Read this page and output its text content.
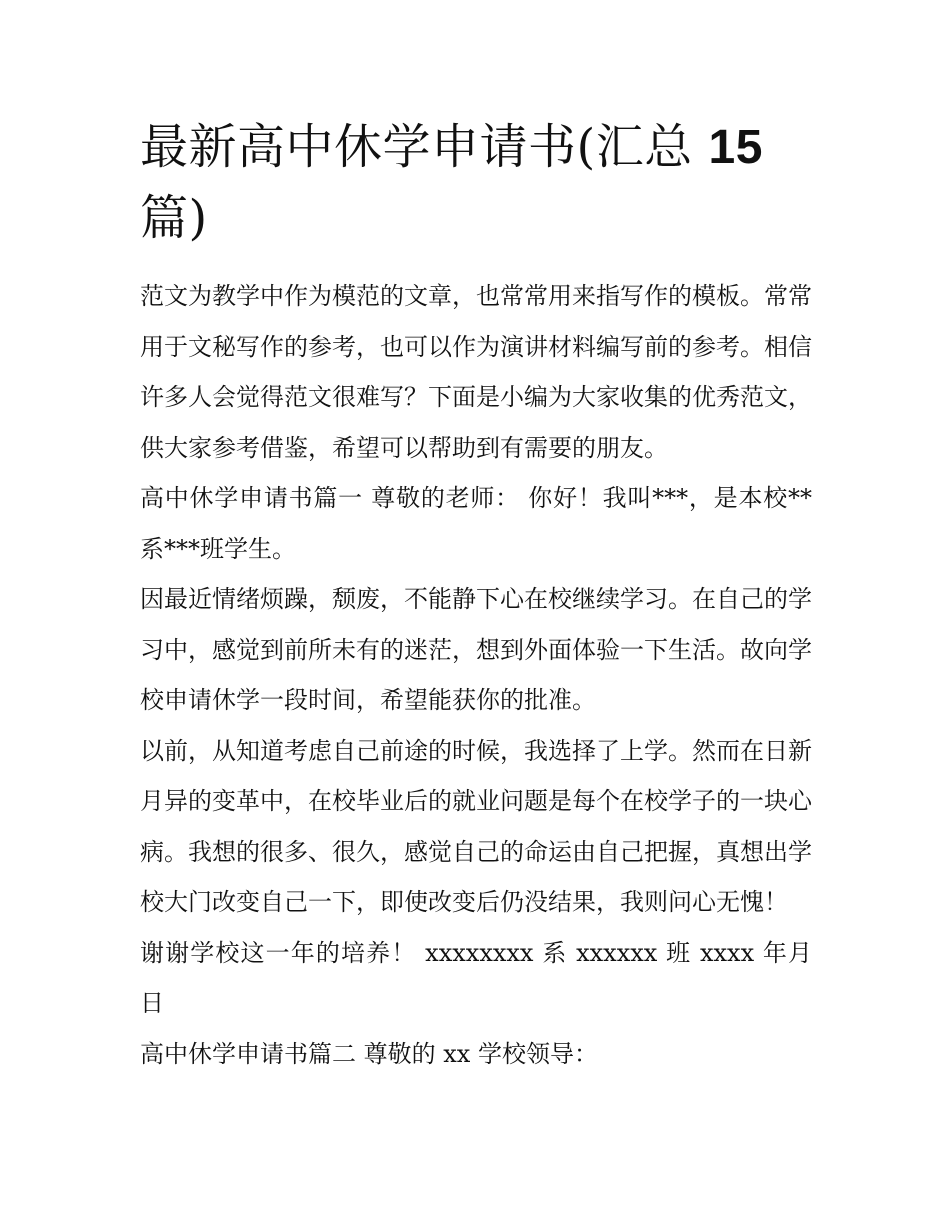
最新高中休学申请书(汇总 15 篇)

范文为教学中作为模范的文章，也常常用来指写作的模板。常常用于文秘写作的参考，也可以作为演讲材料编写前的参考。相信许多人会觉得范文很难写？下面是小编为大家收集的优秀范文，供大家参考借鉴，希望可以帮助到有需要的朋友。

高中休学申请书篇一 尊敬的老师： 你好！我叫***，是本校**系***班学生。

因最近情绪烦躁，颓废，不能静下心在校继续学习。在自己的学习中，感觉到前所未有的迷茫，想到外面体验一下生活。故向学校申请休学一段时间，希望能获你的批准。

以前，从知道考虑自己前途的时候，我选择了上学。然而在日新月异的变革中，在校毕业后的就业问题是每个在校学子的一块心病。我想的很多、很久，感觉自己的命运由自己把握，真想出学校大门改变自己一下，即使改变后仍没结果，我则问心无愧！

谢谢学校这一年的培养！ xxxxxxxx 系 xxxxxx 班 xxxx 年月日

高中休学申请书篇二 尊敬的 xx 学校领导：
